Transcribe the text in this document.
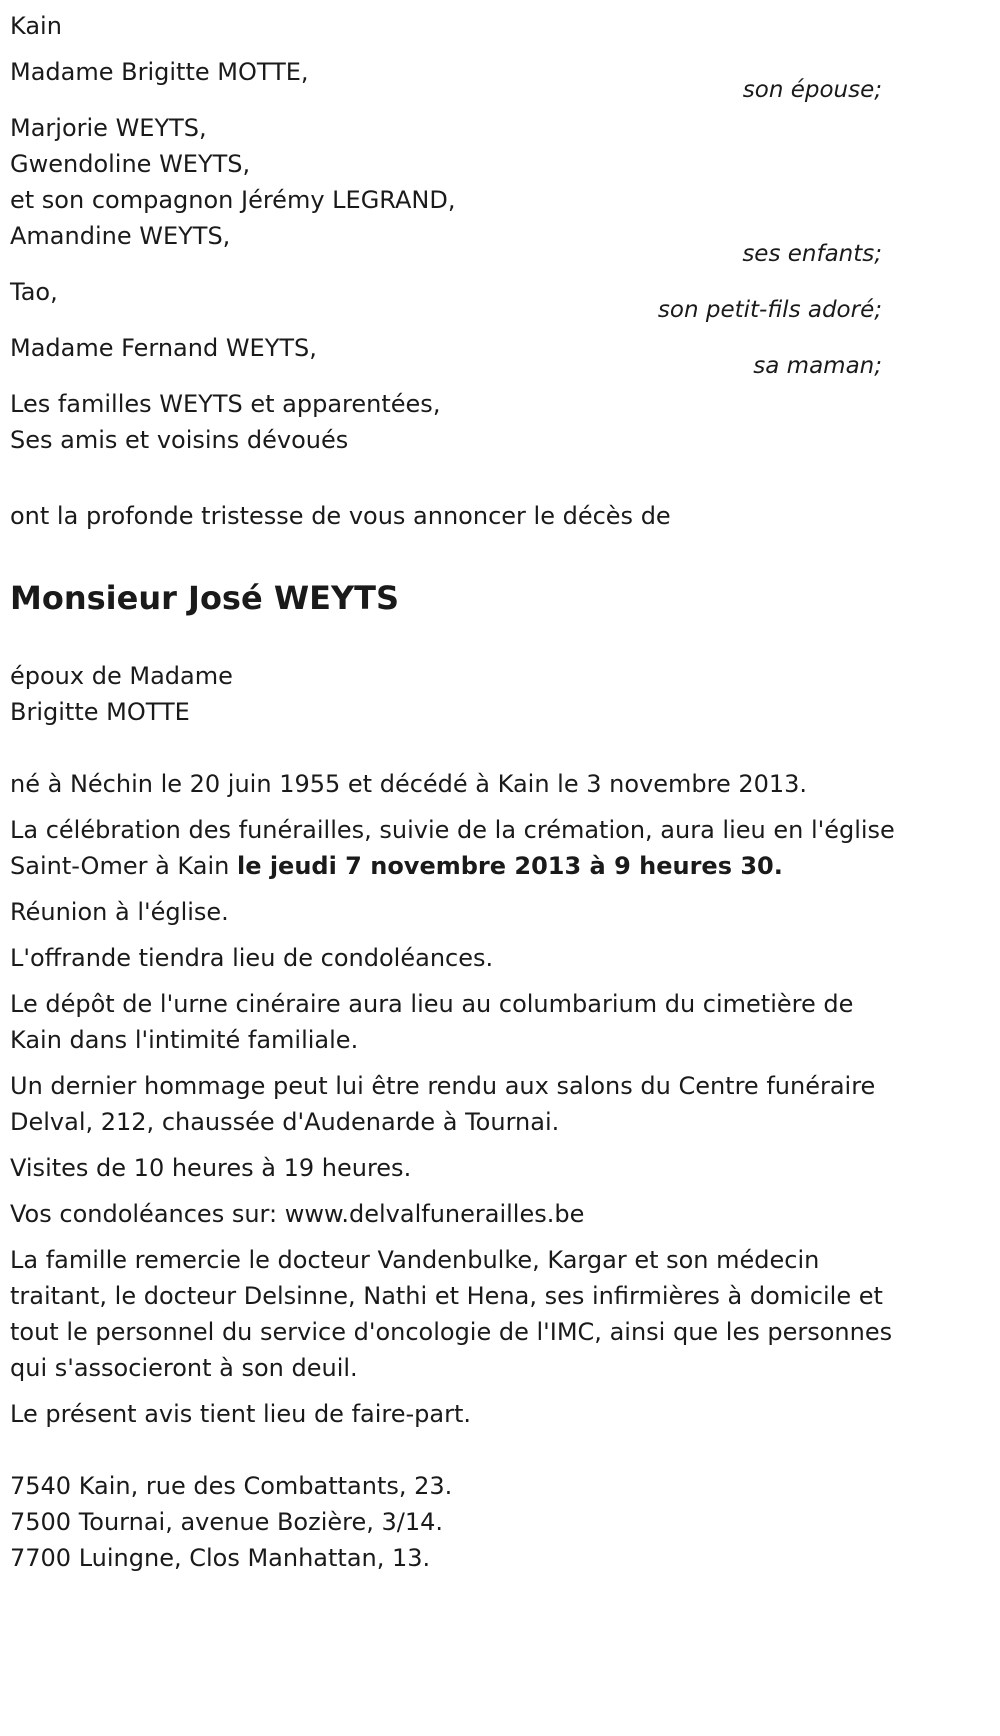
Kain
Madame Brigitte MOTTE,
son épouse;
Marjorie WEYTS,
Gwendoline WEYTS,
et son compagnon Jérémy LEGRAND,
Amandine WEYTS,
ses enfants;
Tao,
son petit-fils adoré;
Madame Fernand WEYTS,
sa maman;
Les familles WEYTS et apparentées,
Ses amis et voisins dévoués
ont la profonde tristesse de vous annoncer le décès de
Monsieur José WEYTS
époux de Madame
Brigitte MOTTE
né à Néchin le 20 juin 1955 et décédé à Kain le 3 novembre 2013.
La célébration des funérailles, suivie de la crémation, aura lieu en l'église Saint-Omer à Kain le jeudi 7 novembre 2013 à 9 heures 30.
Réunion à l'église.
L'offrande tiendra lieu de condoléances.
Le dépôt de l'urne cinéraire aura lieu au columbarium du cimetière de Kain dans l'intimité familiale.
Un dernier hommage peut lui être rendu aux salons du Centre funéraire Delval, 212, chaussée d'Audenarde à Tournai.
Visites de 10 heures à 19 heures.
Vos condoléances sur: www.delvalfunerailles.be
La famille remercie le docteur Vandenbulke, Kargar et son médecin traitant, le docteur Delsinne, Nathi et Hena, ses infirmières à domicile et tout le personnel du service d'oncologie de l'IMC, ainsi que les personnes qui s'associeront à son deuil.
Le présent avis tient lieu de faire-part.
7540 Kain, rue des Combattants, 23.
7500 Tournai, avenue Bozière, 3/14.
7700 Luingne, Clos Manhattan, 13.
